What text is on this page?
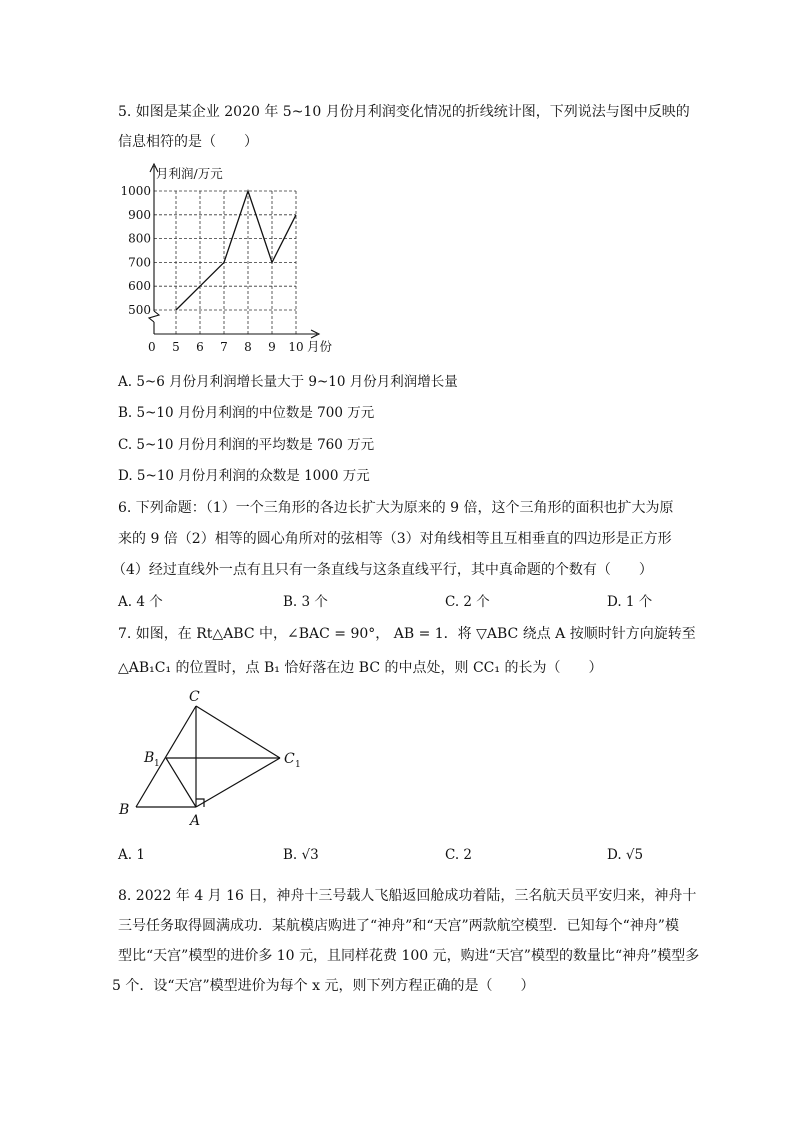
5. 如图是某企业 2020 年 5~10 月份月利润变化情况的折线统计图，下列说法与图中反映的
信息相符的是（　　）
500
600
700
800
900
1000
5 6 7 8 9 10
月利润/万元
月份
0
A. 5~6 月份月利润增长量大于 9~10 月份月利润增长量
B. 5~10 月份月利润的中位数是 700 万元
C. 5~10 月份月利润的平均数是 760 万元
D. 5~10 月份月利润的众数是 1000 万元
6. 下列命题：（1）一个三角形的各边长扩大为原来的 9 倍，这个三角形的面积也扩大为原
来的 9 倍（2）相等的圆心角所对的弦相等（3）对角线相等且互相垂直的四边形是正方形
（4）经过直线外一点有且只有一条直线与这条直线平行，其中真命题的个数有（　　）
A. 4 个	B. 3 个	C. 2 个	D. 1 个
7. 如图，在 Rt△ABC 中，∠BAC = 90°， AB = 1．将 ▽ABC 绕点 A 按顺时针方向旋转至
△AB₁C₁ 的位置时，点 B₁ 恰好落在边 BC 的中点处，则 CC₁ 的长为（　　）
C
B 1	C 1
B
A
A. 1	B. √3	C. 2	D. √5
8. 2022 年 4 月 16 日，神舟十三号载人飞船返回舱成功着陆，三名航天员平安归来，神舟十
三号任务取得圆满成功．某航模店购进了“神舟”和“天宫”两款航空模型．已知每个“神舟”模
型比“天宫”模型的进价多 10 元，且同样花费 100 元，购进“天宫”模型的数量比“神舟”模型多
5 个．设“天宫”模型进价为每个 x 元，则下列方程正确的是（　　）
